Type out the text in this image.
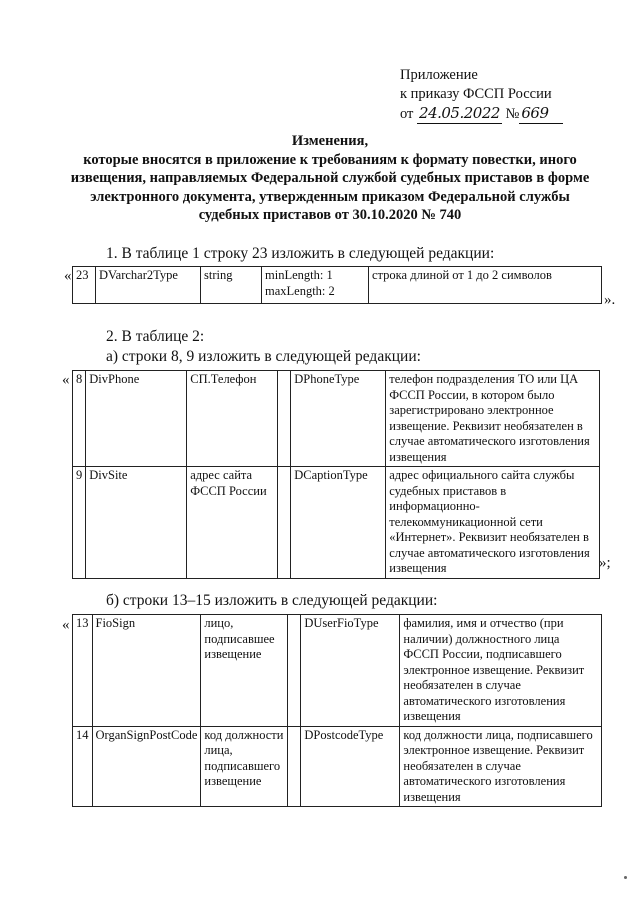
Приложение
к приказу ФССП России
от 24.05.2022 № 669
Изменения,
которые вносятся в приложение к требованиям к формату повестки, иного
извещения, направляемых Федеральной службой судебных приставов в форме
электронного документа, утвержденным приказом Федеральной службы
судебных приставов от 30.10.2020 № 740
1. В таблице 1 строку 23 изложить в следующей редакции:
« 23	DVarchar2Type	string	minLength: 1
maxLength: 2
	строка длиной от 1 до 2 символов
».
2. В таблице 2:
а) строки 8, 9 изложить в следующей редакции:
« 8	DivPhone	СП.Телефон		DPhoneType	телефон подразделения ТО или ЦА ФССП России, в котором было зарегистрировано электронное извещение. Реквизит необязателен в случае автоматического изготовления извещения
9	DivSite	адрес сайта ФССП России		DCaptionType	адрес официального сайта службы судебных приставов в информационно-телекоммуникационной сети «Интернет». Реквизит необязателен в случае автоматического изготовления извещения	»;
б) строки 13–15 изложить в следующей редакции:
« 13	FioSign	лицо, подписавшее извещение		DUserFioType	фамилия, имя и отчество (при наличии) должностного лица ФССП России, подписавшего электронное извещение. Реквизит необязателен в случае автоматического изготовления извещения
14	OrganSignPostCode	код должности лица, подписавшего извещение		DPostcodeType	код должности лица, подписавшего электронное извещение. Реквизит необязателен в случае автоматического изготовления извещения
